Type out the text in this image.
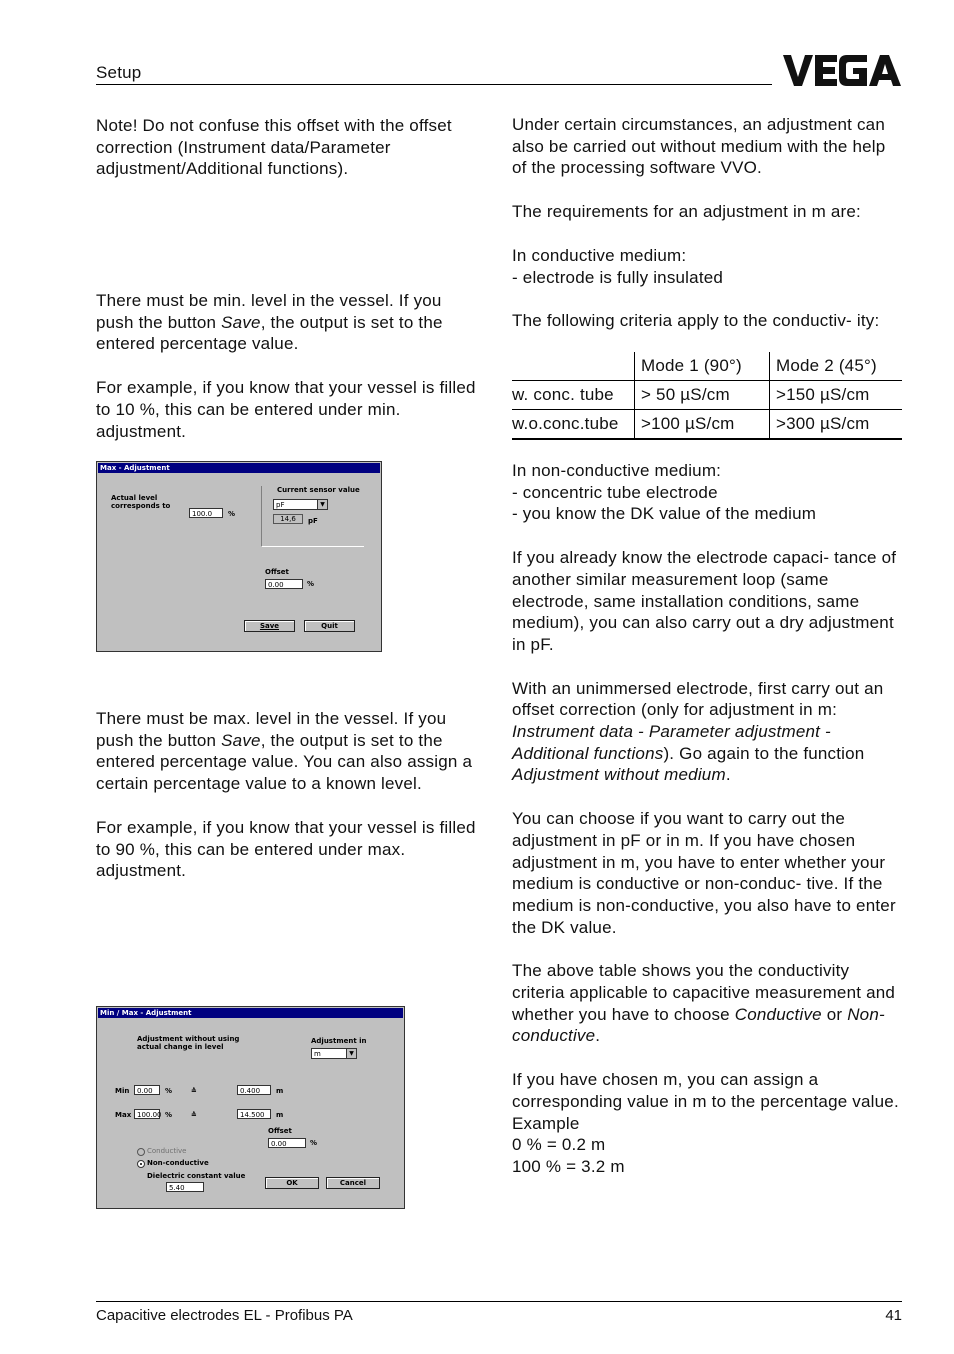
Setup

Note! Do not confuse this offset with the offset correction (Instrument data/Parameter adjustment/Additional functions).

There must be min. level in the vessel. If you push the button Save, the output is set to the entered percentage value.

For example, if you know that your vessel is filled to 10 %, this can be entered under min. adjustment.

Max - Adjustment
Actual level corresponds to
100.0	%
Current sensor value
pF	▼
14,6	pF
Offset
0.00	%
Save	Quit

There must be max. level in the vessel. If you push the button Save, the output is set to the entered percentage value. You can also assign a certain percentage value to a known level.

For example, if you know that your vessel is filled to 90 %, this can be entered under max. adjustment.

Min / Max - Adjustment
Adjustment without using actual change in level
Adjustment in
m	▼
Min	0.00	%	≙	0.400	m
Max 100.00 %	≙	14.500	m
Offset
0.00	%
Conductive
Non-conductive
Dielectric constant value
5.40
OK	Cancel

Under certain circumstances, an adjustment can also be carried out without medium with the help of the processing software VVO.

The requirements for an adjustment in m are:

In conductive medium:

- electrode is fully insulated

The following criteria apply to the conductiv- ity:

	Mode 1 (90°)	Mode 2 (45°)
w. conc. tube	> 50 µS/cm	>150 µS/cm
w.o.conc.tube	>100 µS/cm	>300 µS/cm

In non-conductive medium:

- concentric tube electrode

- you know the DK value of the medium

If you already know the electrode capaci- tance of another similar measurement loop (same electrode, same installation conditions, same medium), you can also carry out a dry adjustment in pF.

With an unimmersed electrode, first carry out an offset correction (only for adjustment in m: Instrument data - Parameter adjustment - Additional functions). Go again to the function Adjustment without medium.

You can choose if you want to carry out the adjustment in pF or in m. If you have chosen adjustment in m, you have to enter whether your medium is conductive or non-conduc- tive. If the medium is non-conductive, you also have to enter the DK value.

The above table shows you the conductivity criteria applicable to capacitive measurement and whether you have to choose Conductive or Non-conductive.

If you have chosen m, you can assign a corresponding value in m to the percentage value.

Example

0 % = 0.2 m

100 % = 3.2 m

Capacitive electrodes EL - Profibus PA	41
